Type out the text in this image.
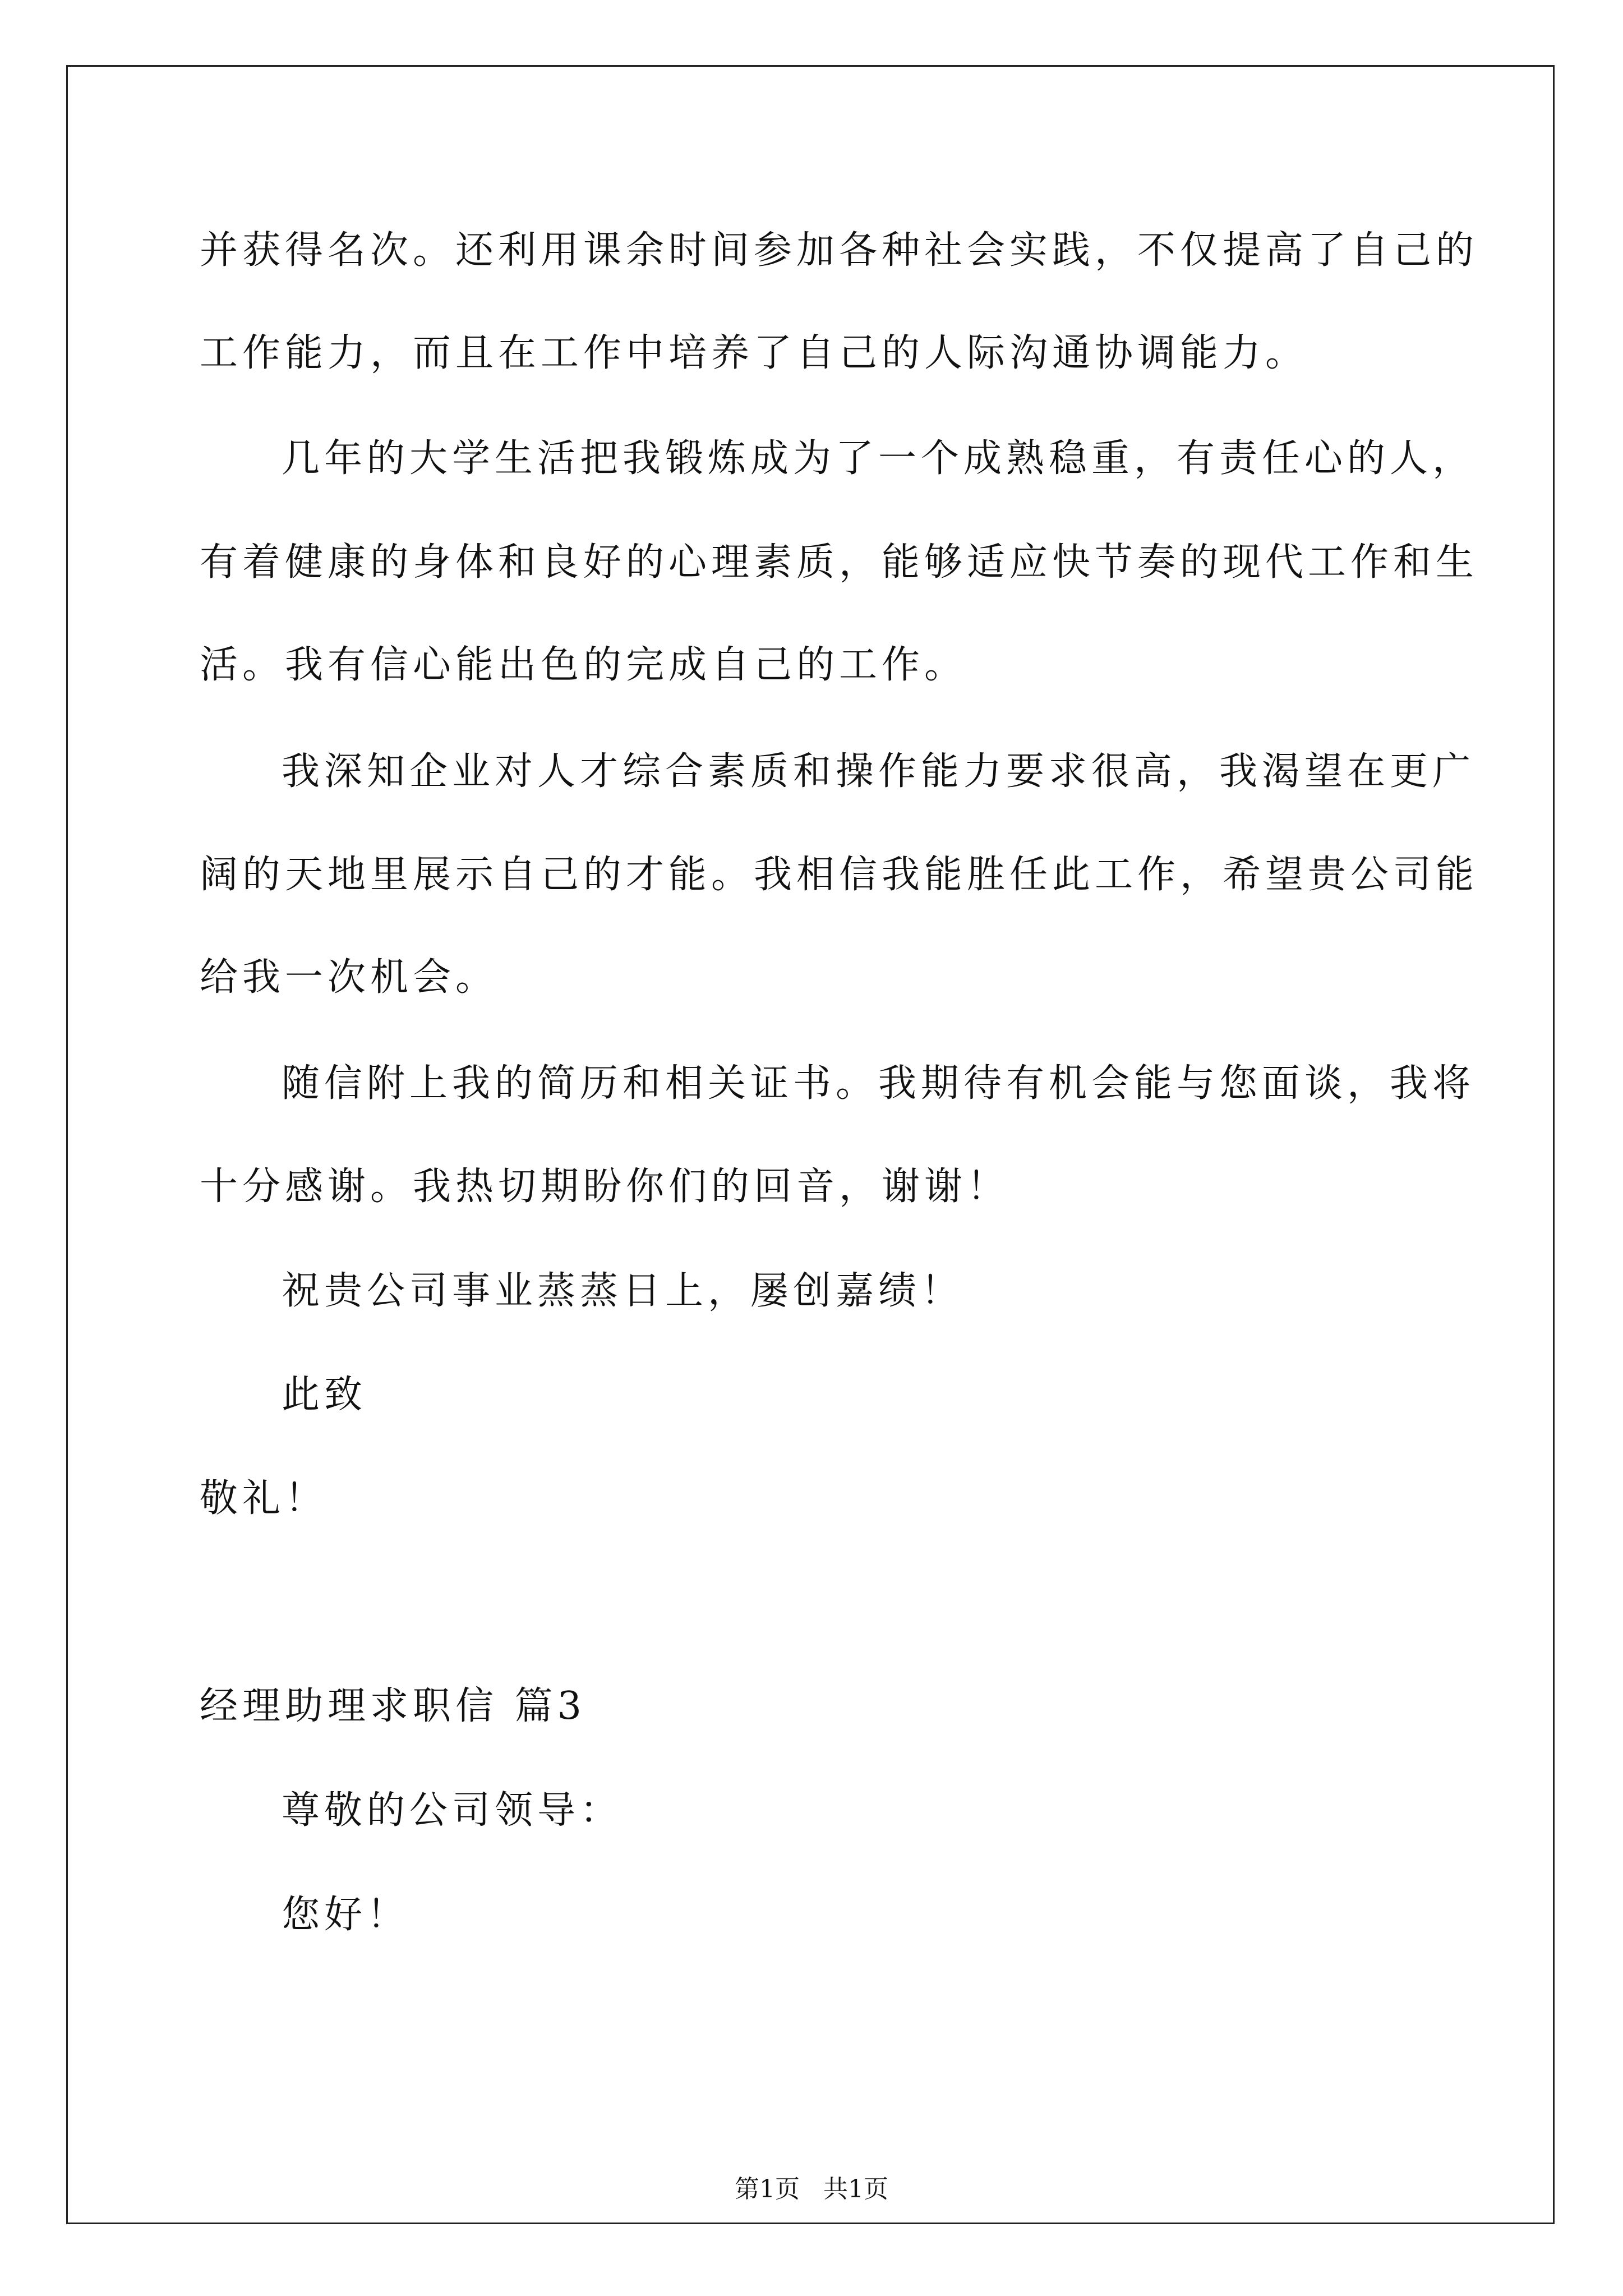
并获得名次。还利用课余时间参加各种社会实践，不仅提高了自己的
工作能力，而且在工作中培养了自己的人际沟通协调能力。
几年的大学生活把我锻炼成为了一个成熟稳重，有责任心的人，
有着健康的身体和良好的心理素质，能够适应快节奏的现代工作和生
活。我有信心能出色的完成自己的工作。
我深知企业对人才综合素质和操作能力要求很高，我渴望在更广
阔的天地里展示自己的才能。我相信我能胜任此工作，希望贵公司能
给我一次机会。
随信附上我的简历和相关证书。我期待有机会能与您面谈，我将
十分感谢。我热切期盼你们的回音，谢谢！
祝贵公司事业蒸蒸日上，屡创嘉绩！
此致
敬礼！
经理助理求职信 篇3
尊敬的公司领导：
您好！
第1页   共1页
